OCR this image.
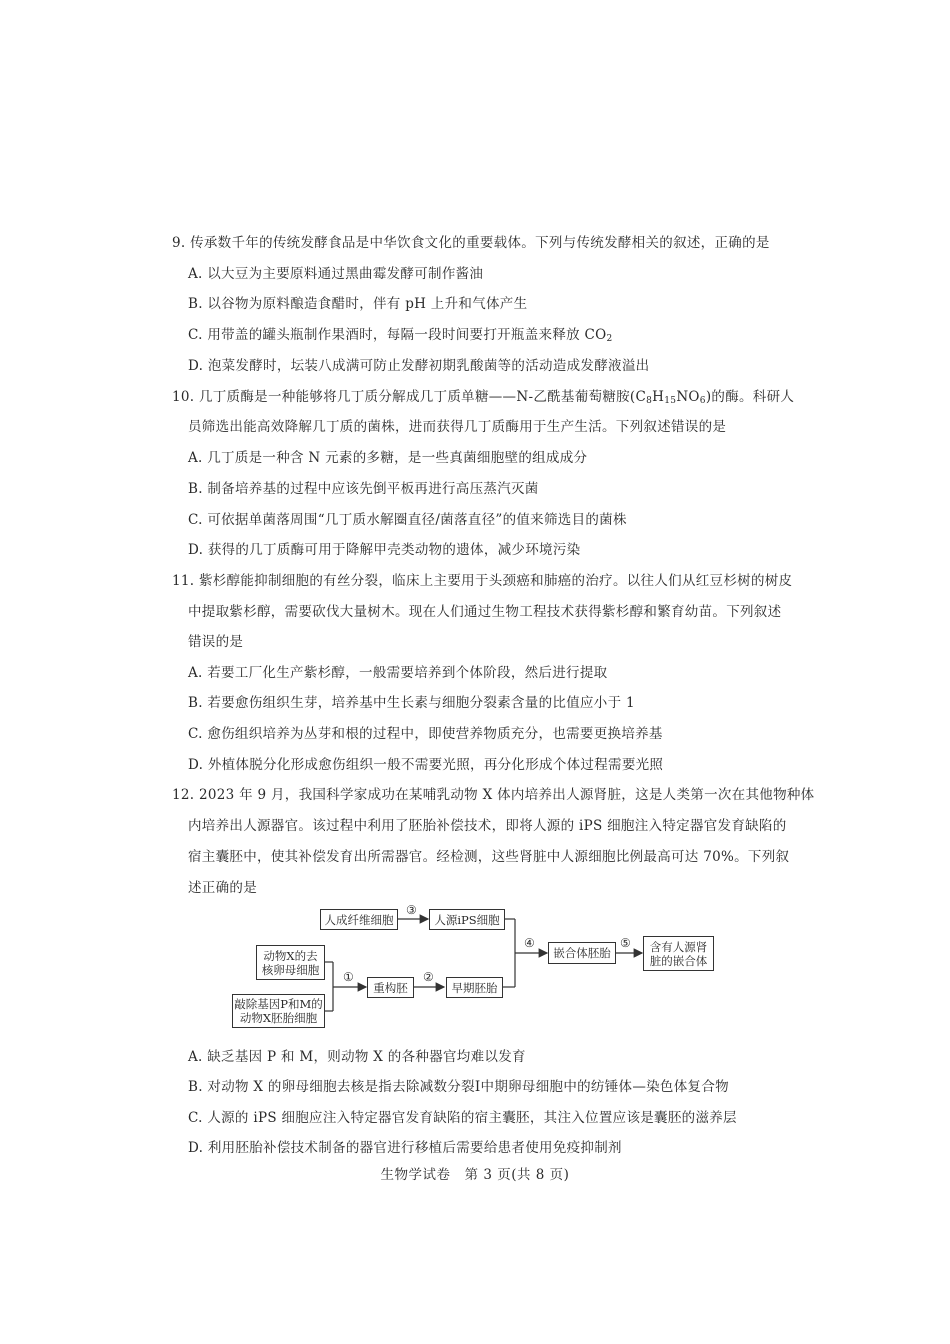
9. 传承数千年的传统发酵食品是中华饮食文化的重要载体。下列与传统发酵相关的叙述，正确的是
A. 以大豆为主要原料通过黑曲霉发酵可制作酱油
B. 以谷物为原料酿造食醋时，伴有 pH 上升和气体产生
C. 用带盖的罐头瓶制作果酒时，每隔一段时间要打开瓶盖来释放 $CO_2$
D. 泡菜发酵时，坛装八成满可防止发酵初期乳酸菌等的活动造成发酵液溢出
10. 几丁质酶是一种能够将几丁质分解成几丁质单糖——N-乙酰基葡萄糖胺$(C_8H_{15}NO_6)$的酶。科研人
员筛选出能高效降解几丁质的菌株，进而获得几丁质酶用于生产生活。下列叙述错误的是
A. 几丁质是一种含 N 元素的多糖，是一些真菌细胞壁的组成成分
B. 制备培养基的过程中应该先倒平板再进行高压蒸汽灭菌
C. 可依据单菌落周围“几丁质水解圈直径/菌落直径”的值来筛选目的菌株
D. 获得的几丁质酶可用于降解甲壳类动物的遗体，减少环境污染
11. 紫杉醇能抑制细胞的有丝分裂，临床上主要用于头颈癌和肺癌的治疗。以往人们从红豆杉树的树皮
中提取紫杉醇，需要砍伐大量树木。现在人们通过生物工程技术获得紫杉醇和繁育幼苗。下列叙述
错误的是
A. 若要工厂化生产紫杉醇，一般需要培养到个体阶段，然后进行提取
B. 若要愈伤组织生芽，培养基中生长素与细胞分裂素含量的比值应小于 1
C. 愈伤组织培养为丛芽和根的过程中，即使营养物质充分，也需要更换培养基
D. 外植体脱分化形成愈伤组织一般不需要光照，再分化形成个体过程需要光照
12. 2023 年 9 月，我国科学家成功在某哺乳动物 X 体内培养出人源肾脏，这是人类第一次在其他物种体
内培养出人源器官。该过程中利用了胚胎补偿技术，即将人源的 iPS 细胞注入特定器官发育缺陷的
宿主囊胚中，使其补偿发育出所需器官。经检测，这些肾脏中人源细胞比例最高可达 70%。下列叙
述正确的是
人成纤维细胞	人源iPS细胞
动物X的去
核卵母细胞
敲除基因P和M的
动物X胚胎细胞
重构胚	早期胚胎
嵌合体胚胎	含有人源肾
脏的嵌合体
③
①	②
④	⑤
A. 缺乏基因 P 和 M，则动物 X 的各种器官均难以发育
B. 对动物 X 的卵母细胞去核是指去除减数分裂Ⅰ中期卵母细胞中的纺锤体—染色体复合物
C. 人源的 iPS 细胞应注入特定器官发育缺陷的宿主囊胚，其注入位置应该是囊胚的滋养层
D. 利用胚胎补偿技术制备的器官进行移植后需要给患者使用免疫抑制剂
生物学试卷　第 3 页(共 8 页)
